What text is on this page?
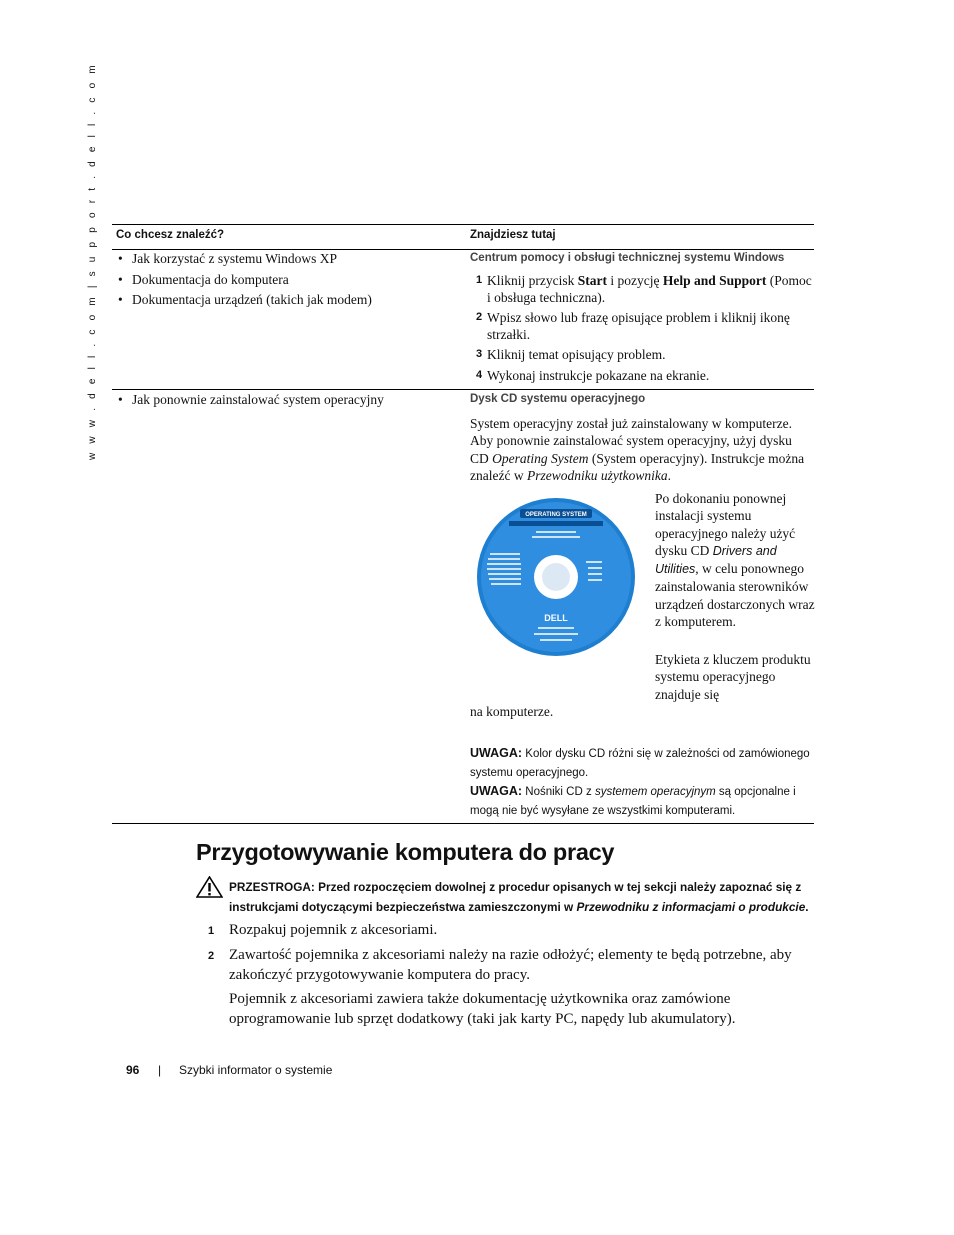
w w w . d e l l . c o m | s u p p o r t . d e l l . c o m Co chcesz znaleźć?	Znajdziesz tutaj
• Jak korzystać z systemu Windows XP
• Dokumentacja do komputera
• Dokumentacja urządzeń (takich jak modem)
Centrum pomocy i obsługi technicznej systemu Windows
1 Kliknij przycisk Start i pozycję Help and Support (Pomoc i obsługa techniczna).
2 Wpisz słowo lub frazę opisujące problem i kliknij ikonę strzałki.
3 Kliknij temat opisujący problem.
4 Wykonaj instrukcje pokazane na ekranie.
• Jak ponownie zainstalować system operacyjny	Dysk CD systemu operacyjnego
System operacyjny został już zainstalowany w komputerze. Aby ponownie zainstalować system operacyjny, użyj dysku CD Operating System (System operacyjny). Instrukcje można znaleźć w Przewodniku użytkownika.
OPERATING SYSTEM
DELL
Po dokonaniu ponownej instalacji systemu operacyjnego należy użyć dysku CD Drivers and Utilities, w celu ponownego zainstalowania sterowników urządzeń dostarczonych wraz z komputerem.
Etykieta z kluczem produktu systemu operacyjnego znajduje się
na komputerze.
UWAGA: Kolor dysku CD różni się w zależności od zamówionego systemu operacyjnego.
UWAGA: Nośniki CD z systemem operacyjnym są opcjonalne i mogą nie być wysyłane ze wszystkimi komputerami.
Przygotowywanie komputera do pracy
PRZESTROGA: Przed rozpoczęciem dowolnej z procedur opisanych w tej sekcji należy zapoznać się z instrukcjami dotyczącymi bezpieczeństwa zamieszczonymi w Przewodniku z informacjami o produkcie.
1 Rozpakuj pojemnik z akcesoriami.
2 Zawartość pojemnika z akcesoriami należy na razie odłożyć; elementy te będą potrzebne, aby zakończyć przygotowywanie komputera do pracy.
Pojemnik z akcesoriami zawiera także dokumentację użytkownika oraz zamówione oprogramowanie lub sprzęt dodatkowy (taki jak karty PC, napędy lub akumulatory).
96 | Szybki informator o systemie
